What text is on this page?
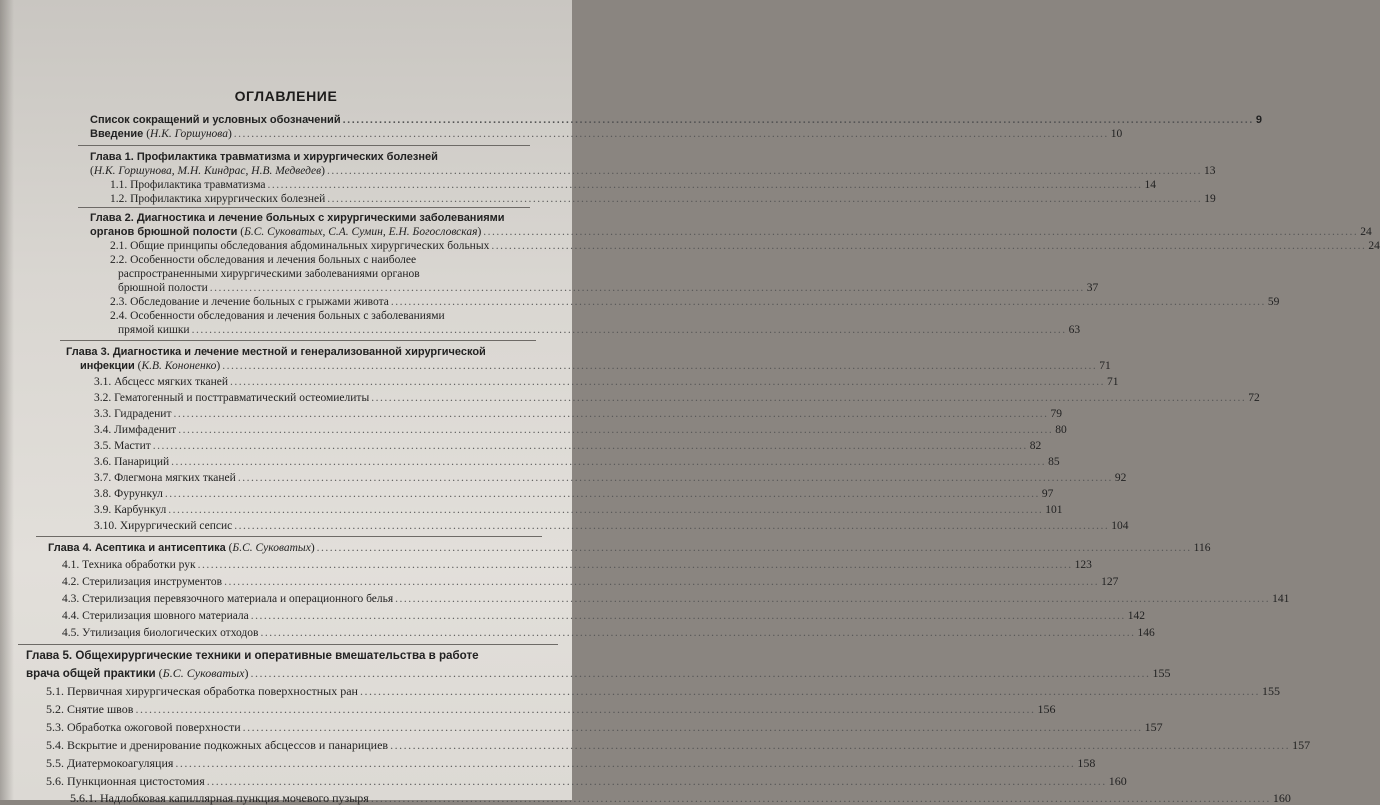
ОГЛАВЛЕНИЕ
Список сокращений и условных обозначений .....	9
Введение (Н.К. Горшунова) .....	10
Глава 1. Профилактика травматизма и хирургических болезней
(Н.К. Горшунова, М.Н. Киндрас, Н.В. Медведев) .....	13
1.1. Профилактика травматизма .....	14
1.2. Профилактика хирургических болезней .....	19
Глава 2. Диагностика и лечение больных с хирургическими заболеваниями
органов брюшной полости (Б.С. Суковатых, С.А. Сумин, Е.Н. Богословская) .....	24
2.1. Общие принципы обследования абдоминальных хирургических больных .....	24
2.2. Особенности обследования и лечения больных с наиболее
распространенными хирургическими заболеваниями органов
брюшной полости .....	37
2.3. Обследование и лечение больных с грыжами живота .....	59
2.4. Особенности обследования и лечения больных с заболеваниями
прямой кишки .....	63
Глава 3. Диагностика и лечение местной и генерализованной хирургической
инфекции (К.В. Кононенко) .....	71
3.1. Абсцесс мягких тканей .....	71
3.2. Гематогенный и посттравматический остеомиелиты .....	72
3.3. Гидраденит .....	79
3.4. Лимфаденит .....	80
3.5. Мастит .....	82
3.6. Панариций .....	85
3.7. Флегмона мягких тканей .....	92
3.8. Фурункул .....	97
3.9. Карбункул .....	101
3.10. Хирургический сепсис .....	104
Глава 4. Асептика и антисептика (Б.С. Суковатых) .....	116
4.1. Техника обработки рук .....	123
4.2. Стерилизация инструментов .....	127
4.3. Стерилизация перевязочного материала и операционного белья .....	141
4.4. Стерилизация шовного материала .....	142
4.5. Утилизация биологических отходов .....	146
Глава 5. Общехирургические техники и оперативные вмешательства в работе
врача общей практики (Б.С. Суковатых) .....	155
5.1. Первичная хирургическая обработка поверхностных ран .....	155
5.2. Снятие швов .....	156
5.3. Обработка ожоговой поверхности .....	157
5.4. Вскрытие и дренирование подкожных абсцессов и панарициев .....	157
5.5. Диатермокоагуляция .....	158
5.6. Пункционная цистостомия .....	160
5.6.1. Надлобковая капиллярная пункция мочевого пузыря .....	160
